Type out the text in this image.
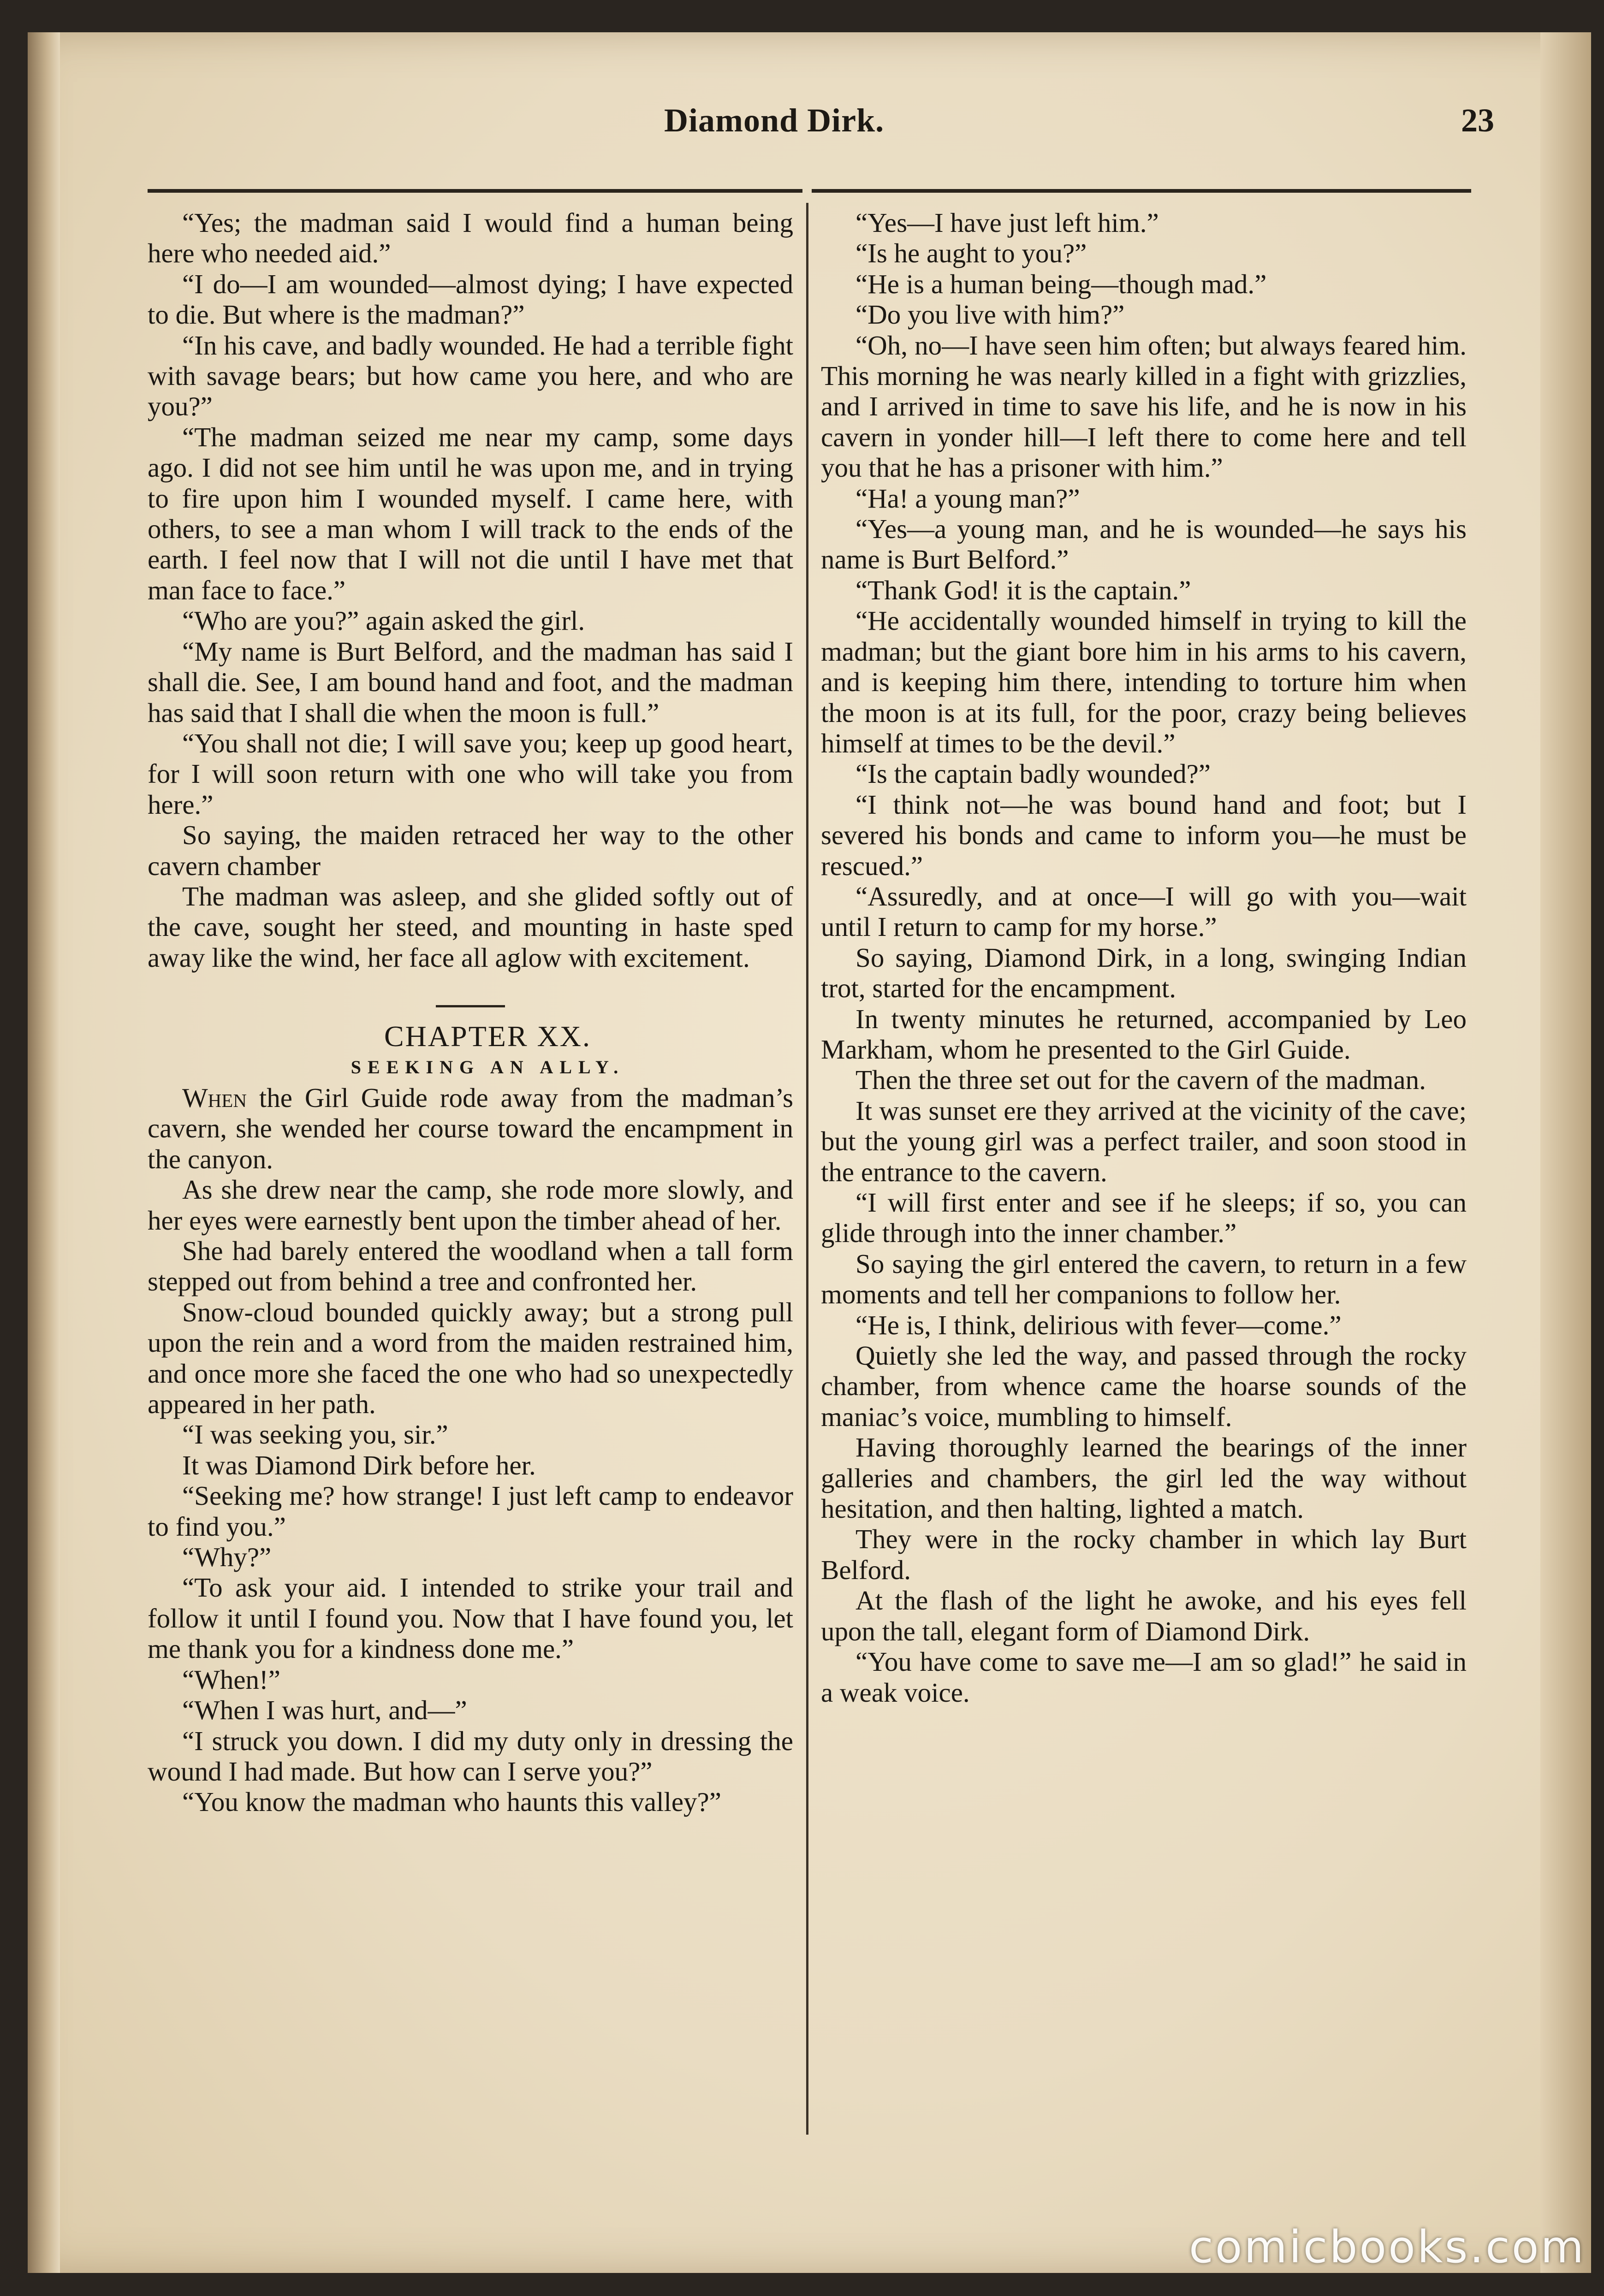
Diamond Dirk.	23

“Yes; the madman said I would find a human being here who needed aid.”

“I do—I am wounded—almost dying; I have expected to die. But where is the madman?”

“In his cave, and badly wounded. He had a terrible fight with savage bears; but how came you here, and who are you?”

“The madman seized me near my camp, some days ago. I did not see him until he was upon me, and in trying to fire upon him I wounded myself. I came here, with others, to see a man whom I will track to the ends of the earth. I feel now that I will not die until I have met that man face to face.”

“Who are you?” again asked the girl.

“My name is Burt Belford, and the madman has said I shall die. See, I am bound hand and foot, and the madman has said that I shall die when the moon is full.”

“You shall not die; I will save you; keep up good heart, for I will soon return with one who will take you from here.”

So saying, the maiden retraced her way to the other cavern chamber

The madman was asleep, and she glided softly out of the cave, sought her steed, and mounting in haste sped away like the wind, her face all aglow with excitement.

CHAPTER XX.

SEEKING AN ALLY.

When the Girl Guide rode away from the madman’s cavern, she wended her course toward the encampment in the canyon.

As she drew near the camp, she rode more slowly, and her eyes were earnestly bent upon the timber ahead of her.

She had barely entered the woodland when a tall form stepped out from behind a tree and confronted her.

Snow-cloud bounded quickly away; but a strong pull upon the rein and a word from the maiden restrained him, and once more she faced the one who had so unexpectedly appeared in her path.

“I was seeking you, sir.”

It was Diamond Dirk before her.

“Seeking me? how strange! I just left camp to endeavor to find you.”

“Why?”

“To ask your aid. I intended to strike your trail and follow it until I found you. Now that I have found you, let me thank you for a kindness done me.”

“When!”

“When I was hurt, and—”

“I struck you down. I did my duty only in dressing the wound I had made. But how can I serve you?”

“You know the madman who haunts this valley?”

“Yes—I have just left him.”

“Is he aught to you?”

“He is a human being—though mad.”

“Do you live with him?”

“Oh, no—I have seen him often; but always feared him. This morning he was nearly killed in a fight with grizzlies, and I arrived in time to save his life, and he is now in his cavern in yonder hill—I left there to come here and tell you that he has a prisoner with him.”

“Ha! a young man?”

“Yes—a young man, and he is wounded—he says his name is Burt Belford.”

“Thank God! it is the captain.”

“He accidentally wounded himself in trying to kill the madman; but the giant bore him in his arms to his cavern, and is keeping him there, intending to torture him when the moon is at its full, for the poor, crazy being believes himself at times to be the devil.”

“Is the captain badly wounded?”

“I think not—he was bound hand and foot; but I severed his bonds and came to inform you—he must be rescued.”

“Assuredly, and at once—I will go with you—wait until I return to camp for my horse.”

So saying, Diamond Dirk, in a long, swinging Indian trot, started for the encampment.

In twenty minutes he returned, accompanied by Leo Markham, whom he presented to the Girl Guide.

Then the three set out for the cavern of the madman.

It was sunset ere they arrived at the vicinity of the cave; but the young girl was a perfect trailer, and soon stood in the entrance to the cavern.

“I will first enter and see if he sleeps; if so, you can glide through into the inner chamber.”

So saying the girl entered the cavern, to return in a few moments and tell her companions to follow her.

“He is, I think, delirious with fever—come.”

Quietly she led the way, and passed through the rocky chamber, from whence came the hoarse sounds of the maniac’s voice, mumbling to himself.

Having thoroughly learned the bearings of the inner galleries and chambers, the girl led the way without hesitation, and then halting, lighted a match.

They were in the rocky chamber in which lay Burt Belford.

At the flash of the light he awoke, and his eyes fell upon the tall, elegant form of Diamond Dirk.

“You have come to save me—I am so glad!” he said in a weak voice.

comicbooks.com
